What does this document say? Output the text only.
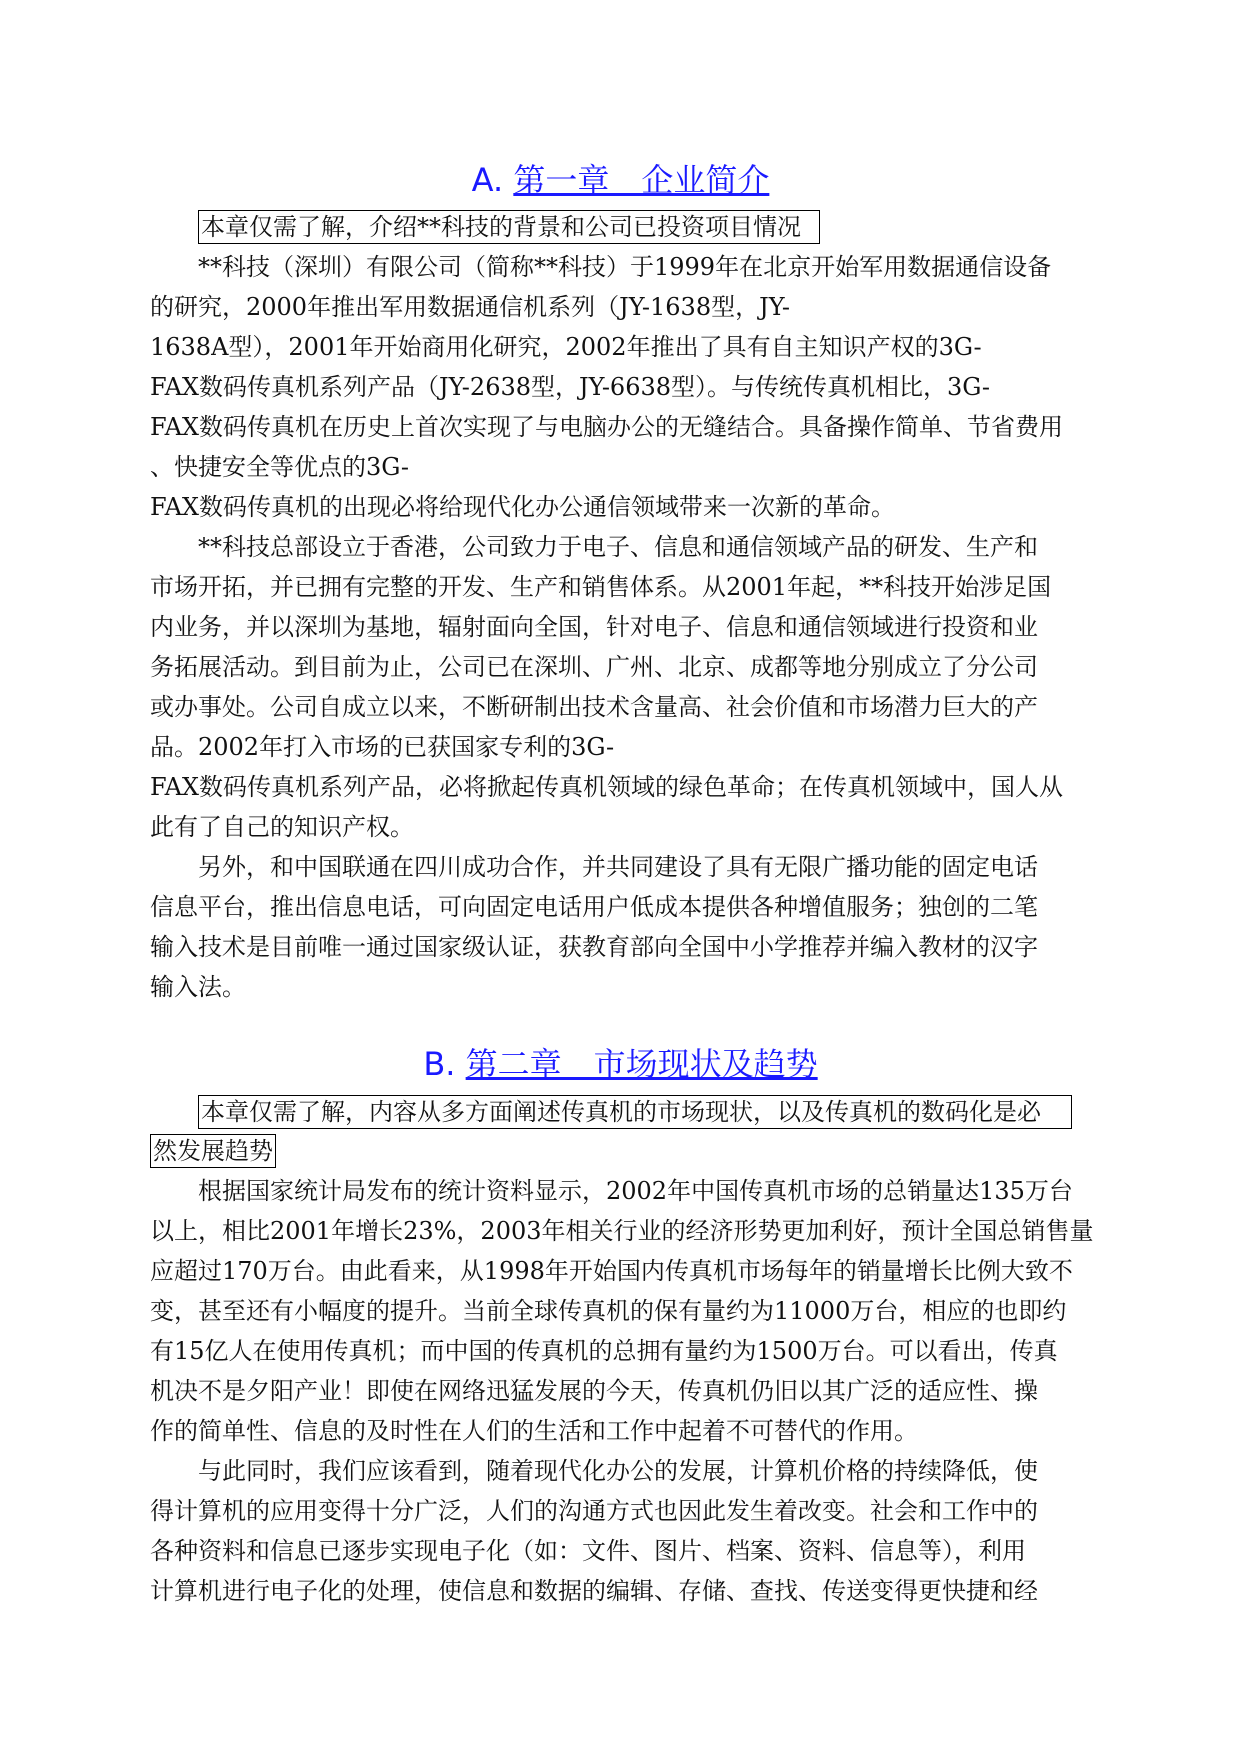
A. 第一章　企业简介
本章仅需了解，介绍**科技的背景和公司已投资项目情况

**科技（深圳）有限公司（简称**科技）于1999年在北京开始军用数据通信设备

的研究，2000年推出军用数据通信机系列（JY-1638型，JY-

1638A型），2001年开始商用化研究，2002年推出了具有自主知识产权的3G-

FAX数码传真机系列产品（JY-2638型，JY-6638型）。与传统传真机相比，3G-

FAX数码传真机在历史上首次实现了与电脑办公的无缝结合。具备操作简单、节省费用

、快捷安全等优点的3G-

FAX数码传真机的出现必将给现代化办公通信领域带来一次新的革命。

**科技总部设立于香港，公司致力于电子、信息和通信领域产品的研发、生产和

市场开拓，并已拥有完整的开发、生产和销售体系。从2001年起，**科技开始涉足国

内业务，并以深圳为基地，辐射面向全国，针对电子、信息和通信领域进行投资和业

务拓展活动。到目前为止，公司已在深圳、广州、北京、成都等地分别成立了分公司

或办事处。公司自成立以来，不断研制出技术含量高、社会价值和市场潜力巨大的产

品。2002年打入市场的已获国家专利的3G-

FAX数码传真机系列产品，必将掀起传真机领域的绿色革命；在传真机领域中，国人从

此有了自己的知识产权。

另外，和中国联通在四川成功合作，并共同建设了具有无限广播功能的固定电话

信息平台，推出信息电话，可向固定电话用户低成本提供各种增值服务；独创的二笔

输入技术是目前唯一通过国家级认证，获教育部向全国中小学推荐并编入教材的汉字

输入法。

B. 第二章　市场现状及趋势
本章仅需了解，内容从多方面阐述传真机的市场现状，以及传真机的数码化是必
然发展趋势

根据国家统计局发布的统计资料显示，2002年中国传真机市场的总销量达135万台

以上，相比2001年增长23%，2003年相关行业的经济形势更加利好，预计全国总销售量

应超过170万台。由此看来，从1998年开始国内传真机市场每年的销量增长比例大致不

变，甚至还有小幅度的提升。当前全球传真机的保有量约为11000万台，相应的也即约

有15亿人在使用传真机；而中国的传真机的总拥有量约为1500万台。可以看出，传真

机决不是夕阳产业！即使在网络迅猛发展的今天，传真机仍旧以其广泛的适应性、操

作的简单性、信息的及时性在人们的生活和工作中起着不可替代的作用。

与此同时，我们应该看到，随着现代化办公的发展，计算机价格的持续降低，使

得计算机的应用变得十分广泛，人们的沟通方式也因此发生着改变。社会和工作中的

各种资料和信息已逐步实现电子化（如：文件、图片、档案、资料、信息等），利用

计算机进行电子化的处理，使信息和数据的编辑、存储、查找、传送变得更快捷和经
